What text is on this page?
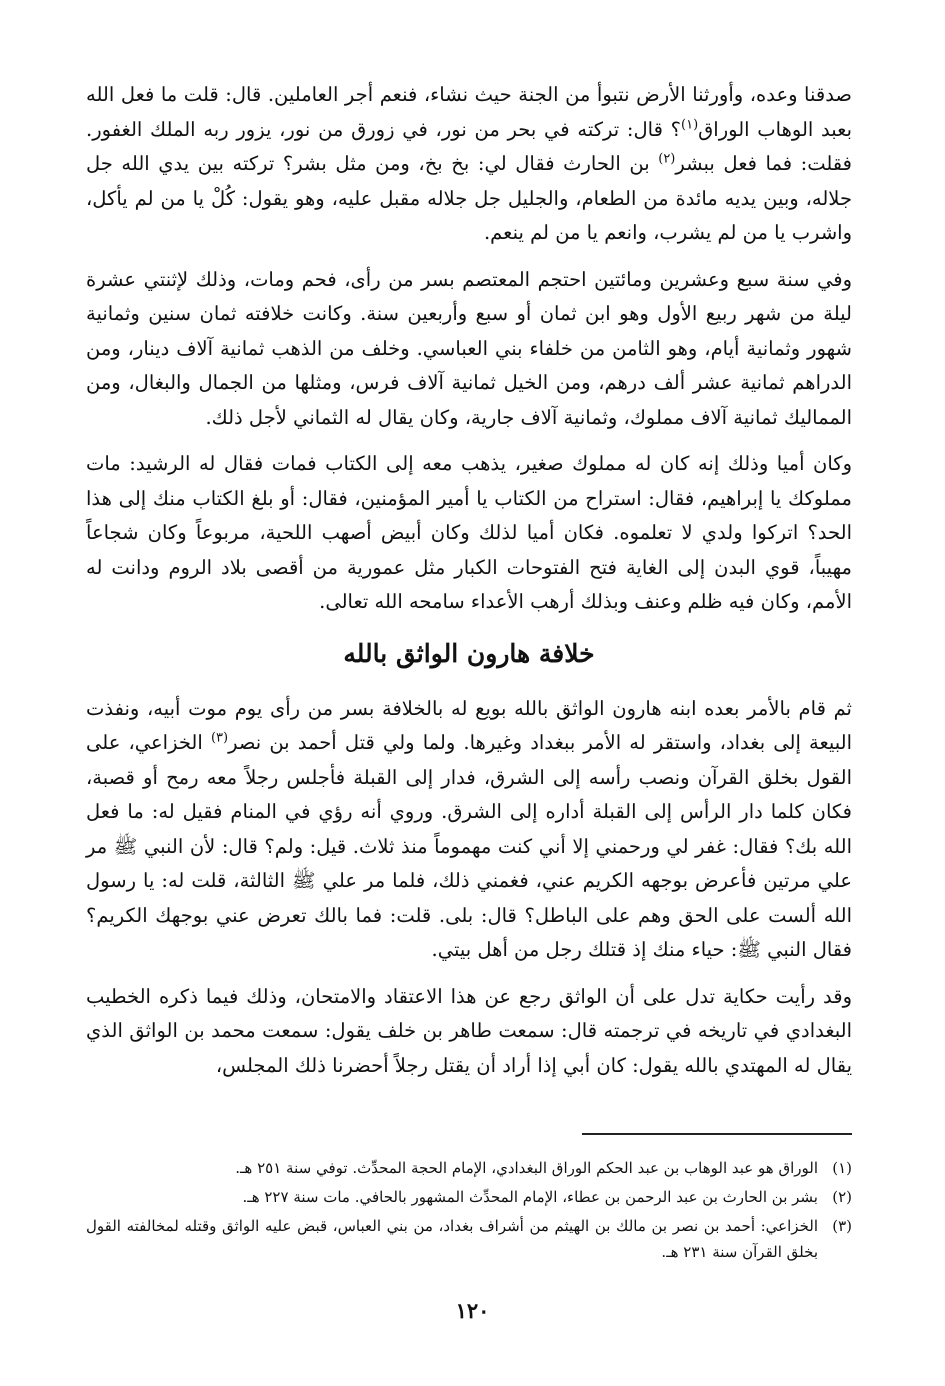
صدقنا وعده، وأورثنا الأرض نتبوأ من الجنة حيث نشاء، فنعم أجر العاملين. قال: قلت ما فعل الله بعبد الوهاب الوراق$^{(١)}$؟ قال: تركته في بحر من نور، في زورق من نور، يزور ربه الملك الغفور. فقلت: فما فعل ببشر$^{(٢)}$ بن الحارث فقال لي: بخ بخ، ومن مثل بشر؟ تركته بين يدي الله جل جلاله، وبين يديه مائدة من الطعام، والجليل جل جلاله مقبل عليه، وهو يقول: كُلْ يا من لم يأكل، واشرب يا من لم يشرب، وانعم يا من لم ينعم.

وفي سنة سبع وعشرين ومائتين احتجم المعتصم بسر من رأى، فحم ومات، وذلك لإثنتي عشرة ليلة من شهر ربيع الأول وهو ابن ثمان أو سبع وأربعين سنة. وكانت خلافته ثمان سنين وثمانية شهور وثمانية أيام، وهو الثامن من خلفاء بني العباسي. وخلف من الذهب ثمانية آلاف دينار، ومن الدراهم ثمانية عشر ألف درهم، ومن الخيل ثمانية آلاف فرس، ومثلها من الجمال والبغال، ومن المماليك ثمانية آلاف مملوك، وثمانية آلاف جارية، وكان يقال له الثماني لأجل ذلك.

وكان أميا وذلك إنه كان له مملوك صغير، يذهب معه إلى الكتاب فمات فقال له الرشيد: مات مملوكك يا إبراهيم، فقال: استراح من الكتاب يا أمير المؤمنين، فقال: أو بلغ الكتاب منك إلى هذا الحد؟ اتركوا ولدي لا تعلموه. فكان أميا لذلك وكان أبيض أصهب اللحية، مربوعاً وكان شجاعاً مهيباً، قوي البدن إلى الغاية فتح الفتوحات الكبار مثل عمورية من أقصى بلاد الروم ودانت له الأمم، وكان فيه ظلم وعنف وبذلك أرهب الأعداء سامحه الله تعالى.

خلافة هارون الواثق بالله

ثم قام بالأمر بعده ابنه هارون الواثق بالله بويع له بالخلافة بسر من رأى يوم موت أبيه، ونفذت البيعة إلى بغداد، واستقر له الأمر ببغداد وغيرها. ولما ولي قتل أحمد بن نصر$^{(٣)}$ الخزاعي، على القول بخلق القرآن ونصب رأسه إلى الشرق، فدار إلى القبلة فأجلس رجلاً معه رمح أو قصبة، فكان كلما دار الرأس إلى القبلة أداره إلى الشرق. وروي أنه رؤي في المنام فقيل له: ما فعل الله بك؟ فقال: غفر لي ورحمني إلا أني كنت مهموماً منذ ثلاث. قيل: ولم؟ قال: لأن النبي ﷺ مر علي مرتين فأعرض بوجهه الكريم عني، فغمني ذلك، فلما مر علي ﷺ الثالثة، قلت له: يا رسول الله ألست على الحق وهم على الباطل؟ قال: بلى. قلت: فما بالك تعرض عني بوجهك الكريم؟ فقال النبي ﷺ: حياء منك إذ قتلك رجل من أهل بيتي.

وقد رأيت حكاية تدل على أن الواثق رجع عن هذا الاعتقاد والامتحان، وذلك فيما ذكره الخطيب البغدادي في تاريخه في ترجمته قال: سمعت طاهر بن خلف يقول: سمعت محمد بن الواثق الذي يقال له المهتدي بالله يقول: كان أبي إذا أراد أن يقتل رجلاً أحضرنا ذلك المجلس،

(١)
الوراق هو عبد الوهاب بن عبد الحكم الوراق البغدادي، الإمام الحجة المحدِّث. توفي سنة ٢٥١ هـ.
(٢)
بشر بن الحارث بن عبد الرحمن بن عطاء، الإمام المحدِّث المشهور بالحافي. مات سنة ٢٢٧ هـ.
(٣)
الخزاعي: أحمد بن نصر بن مالك بن الهيثم من أشراف بغداد، من بني العباس، قبض عليه الواثق وقتله لمخالفته القول بخلق القرآن سنة ٢٣١ هـ.
١٢٠
